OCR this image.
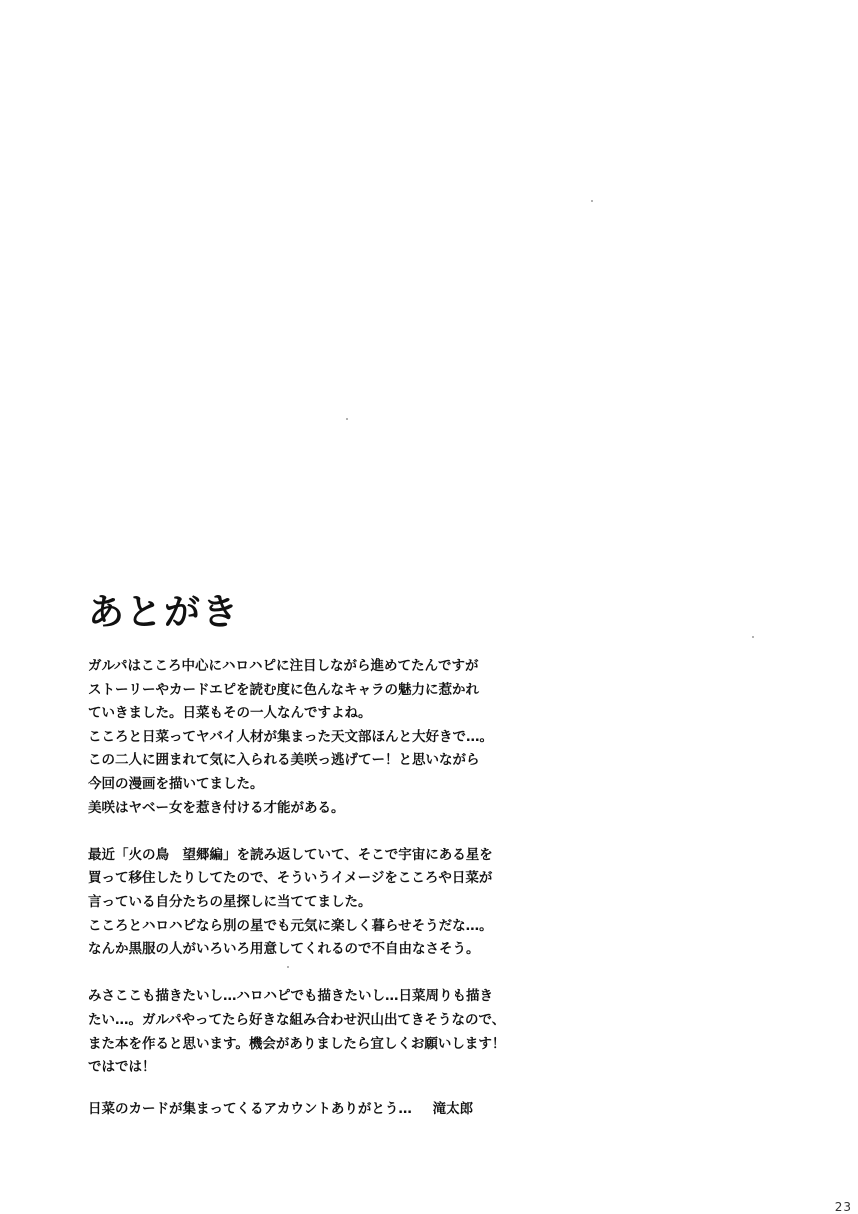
あとがき

ガルパはこころ中心にハロハピに注目しながら進めてたんですが
ストーリーやカードエピを読む度に色んなキャラの魅力に惹かれ
ていきました。日菜もその一人なんですよね。
こころと日菜ってヤバイ人材が集まった天文部ほんと大好きで…。
この二人に囲まれて気に入られる美咲っ逃げてー！と思いながら
今回の漫画を描いてました。
美咲はヤベー女を惹き付ける才能がある。

最近「火の鳥　望郷編」を読み返していて、そこで宇宙にある星を
買って移住したりしてたので、そういうイメージをこころや日菜が
言っている自分たちの星探しに当ててました。
こころとハロハピなら別の星でも元気に楽しく暮らせそうだな…。
なんか黒服の人がいろいろ用意してくれるので不自由なさそう。

みさここも描きたいし…ハロハピでも描きたいし…日菜周りも描き
たい…。ガルパやってたら好きな組み合わせ沢山出てきそうなので、
また本を作ると思います。機会がありましたら宜しくお願いします！
ではでは！

日菜のカードが集まってくるアカウントありがとう… 滝太郎
23
